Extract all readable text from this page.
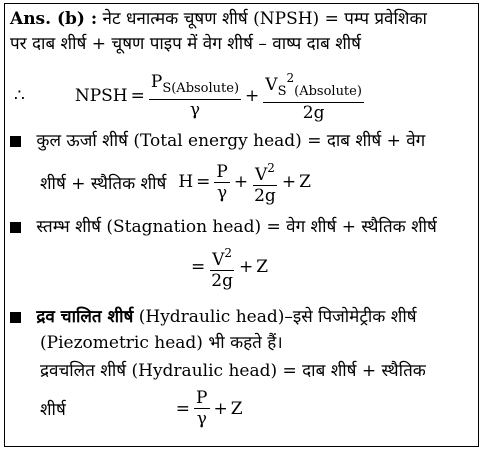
Ans. (b) : नेट धनात्मक चूषण शीर्ष (NPSH) = पम्प प्रवेशिका
पर दाब शीर्ष + चूषण पाइप में वेग शीर्ष – वाष्प दाब शीर्ष
∴	NPSH = $\frac{P_{S(Absolute)}}{\gamma} + \frac{V_S^2_{(Absolute)}}{2g}$
कुल ऊर्जा शीर्ष (Total energy head) = दाब शीर्ष + वेग
शीर्ष + स्थैतिक शीर्ष $H = \frac{P}{\gamma} + \frac{V^2}{2g} + Z$
स्तम्भ शीर्ष (Stagnation head) = वेग शीर्ष + स्थैतिक शीर्ष
= $\frac{V^2}{2g} + Z$
द्रव चालित शीर्ष (Hydraulic head)–इसे पिजोमेट्रीक शीर्ष
(Piezometric head) भी कहते हैं।
द्रवचलित शीर्ष (Hydraulic head) = दाब शीर्ष + स्थैतिक
शीर्ष	= $\frac{P}{\gamma} + Z$
